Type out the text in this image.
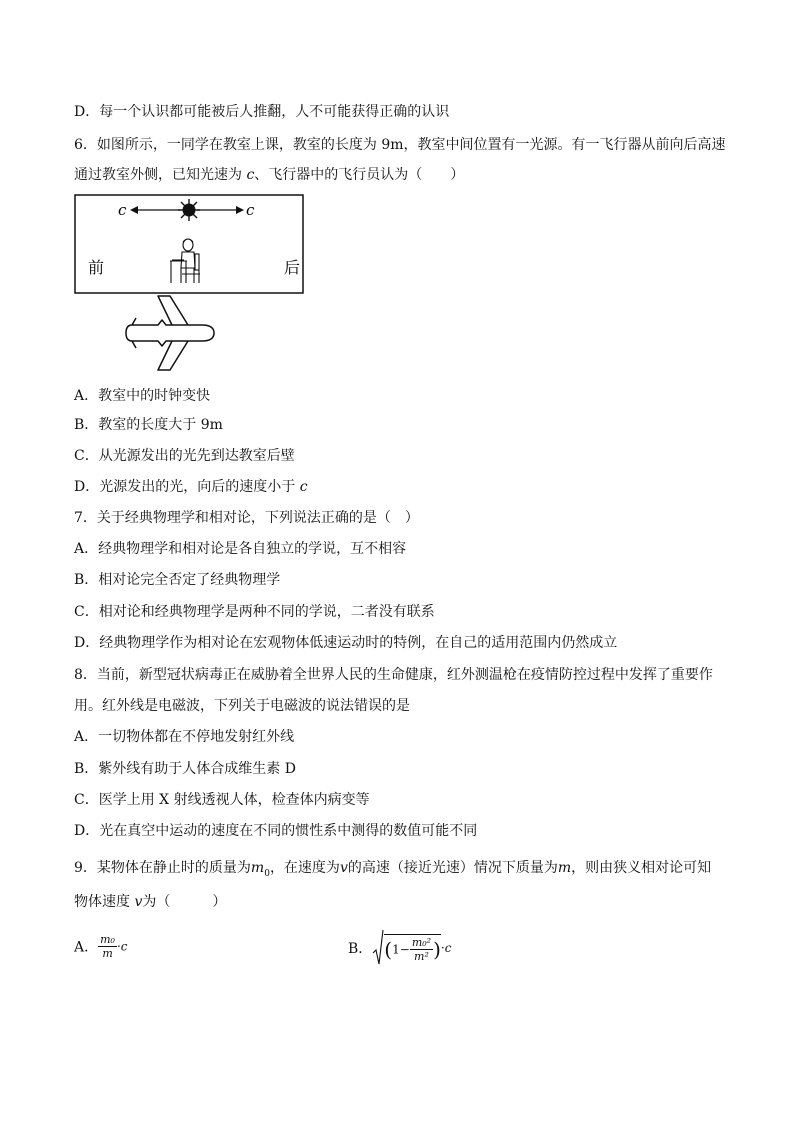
D．每一个认识都可能被后人推翻，人不可能获得正确的认识
6．如图所示，一同学在教室上课，教室的长度为 9m，教室中间位置有一光源。有一飞行器从前向后高速
通过教室外侧，已知光速为 c、飞行器中的飞行员认为（　　）
c	c
前	后
A．教室中的时钟变快
B．教室的长度大于 9m
C．从光源发出的光先到达教室后壁
D．光源发出的光，向后的速度小于 c
7．关于经典物理学和相对论，下列说法正确的是（　）
A．经典物理学和相对论是各自独立的学说，互不相容
B．相对论完全否定了经典物理学
C．相对论和经典物理学是两种不同的学说，二者没有联系
D．经典物理学作为相对论在宏观物体低速运动时的特例，在自己的适用范围内仍然成立
8．当前，新型冠状病毒正在威胁着全世界人民的生命健康，红外测温枪在疫情防控过程中发挥了重要作
用。红外线是电磁波，下列关于电磁波的说法错误的是
A．一切物体都在不停地发射红外线
B．紫外线有助于人体合成维生素 D
C．医学上用 X 射线透视人体，检查体内病变等
D．光在真空中运动的速度在不同的惯性系中测得的数值可能不同
9．某物体在静止时的质量为$m_0$，在速度为v的高速（接近光速）情况下质量为m，则由狭义相对论可知
物体速度 v为（　　　）
A． $\frac{\text{m₀}}{m} \cdot c$	B． $(1- \frac{\text{m₀²}}{\text{m²}} )\cdot c$
